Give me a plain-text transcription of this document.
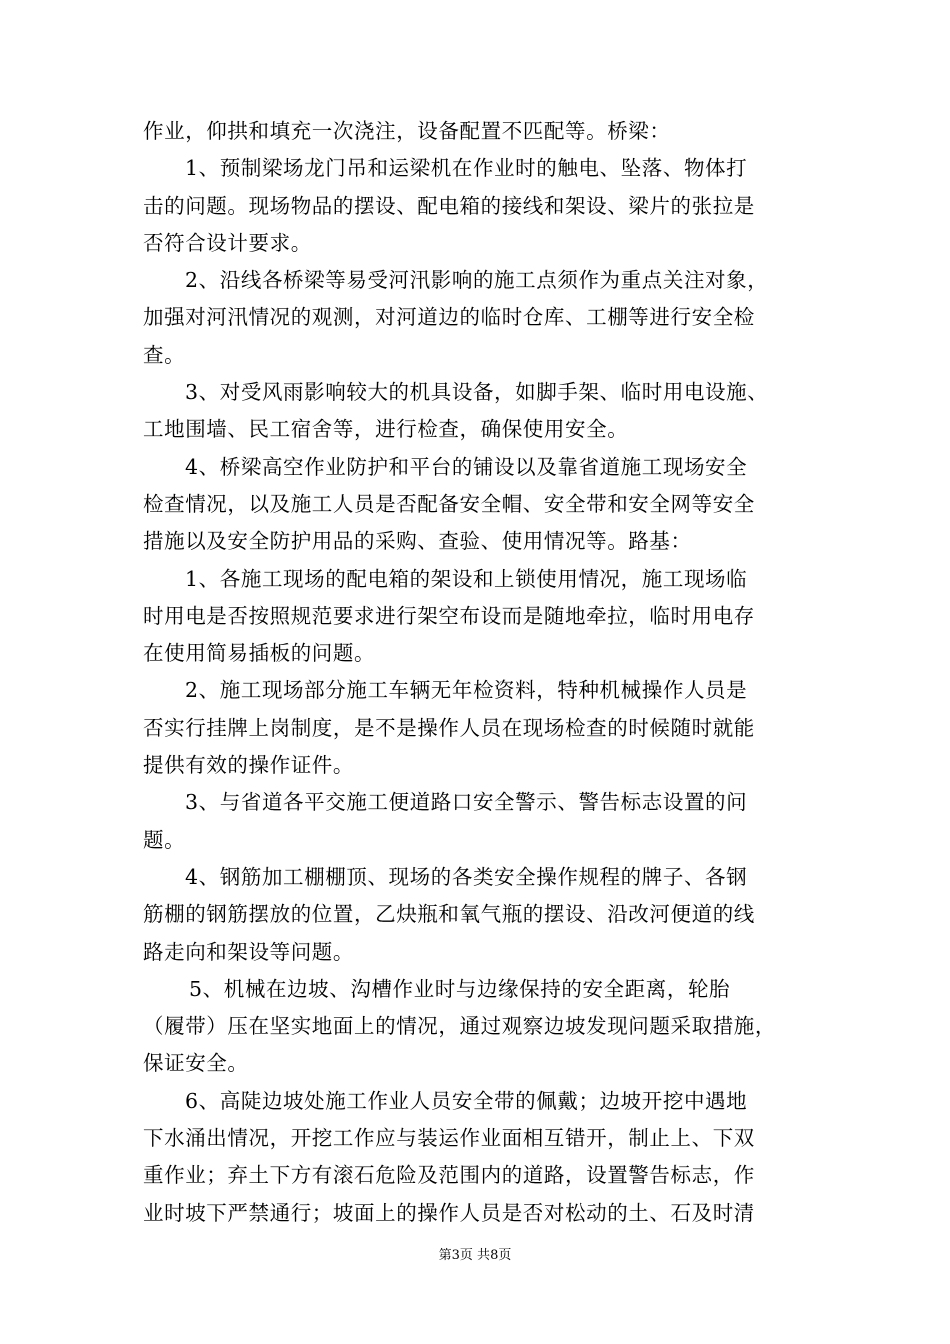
作业，仰拱和填充一次浇注，设备配置不匹配等。桥梁：
1、预制梁场龙门吊和运梁机在作业时的触电、坠落、物体打
击的问题。现场物品的摆设、配电箱的接线和架设、梁片的张拉是
否符合设计要求。
2、沿线各桥梁等易受河汛影响的施工点须作为重点关注对象，
加强对河汛情况的观测，对河道边的临时仓库、工棚等进行安全检
查。
3、对受风雨影响较大的机具设备，如脚手架、临时用电设施、
工地围墙、民工宿舍等，进行检查，确保使用安全。
4、桥梁高空作业防护和平台的铺设以及靠省道施工现场安全
检查情况，以及施工人员是否配备安全帽、安全带和安全网等安全
措施以及安全防护用品的采购、查验、使用情况等。路基：
1、各施工现场的配电箱的架设和上锁使用情况，施工现场临
时用电是否按照规范要求进行架空布设而是随地牵拉，临时用电存
在使用简易插板的问题。
2、施工现场部分施工车辆无年检资料，特种机械操作人员是
否实行挂牌上岗制度，是不是操作人员在现场检查的时候随时就能
提供有效的操作证件。
3、与省道各平交施工便道路口安全警示、警告标志设置的问
题。
4、钢筋加工棚棚顶、现场的各类安全操作规程的牌子、各钢
筋棚的钢筋摆放的位置，乙炔瓶和氧气瓶的摆设、沿改河便道的线
路走向和架设等问题。
5、机械在边坡、沟槽作业时与边缘保持的安全距离，轮胎
（履带）压在坚实地面上的情况，通过观察边坡发现问题采取措施，
保证安全。
6、高陡边坡处施工作业人员安全带的佩戴；边坡开挖中遇地
下水涌出情况，开挖工作应与装运作业面相互错开，制止上、下双
重作业；弃土下方有滚石危险及范围内的道路，设置警告标志，作
业时坡下严禁通行；坡面上的操作人员是否对松动的土、石及时清
第3页 共8页
